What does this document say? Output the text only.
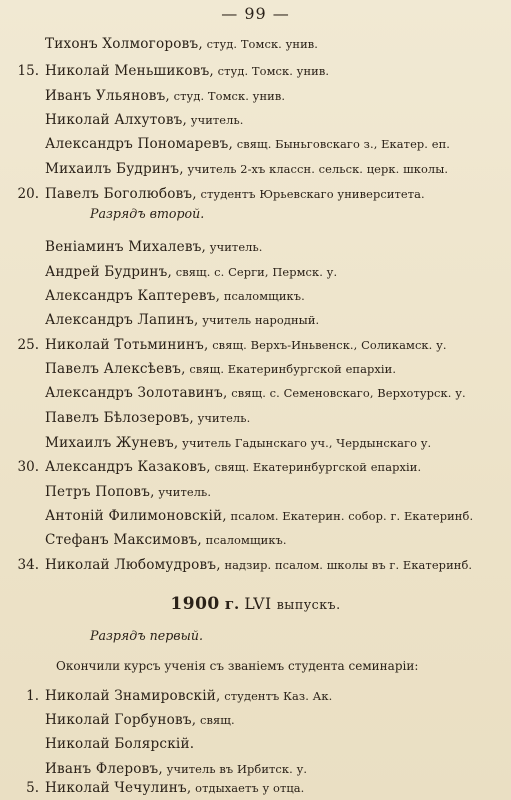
— 99 —
Тихонъ Холмогоровъ, студ. Томск. унив.
15. Николай Меньшиковъ, студ. Томск. унив.
Иванъ Ульяновъ, студ. Томск. унив.
Николай Алхутовъ, учитель.
Александръ Пономаревъ, свящ. Быньговскаго з., Екатер. еп.
Михаилъ Будринъ, учитель 2-хъ классн. сельск. церк. школы.
20. Павелъ Боголюбовъ, студентъ Юрьевскаго университета.
Разрядъ второй.
Веніаминъ Михалевъ, учитель.
Андрей Будринъ, свящ. с. Серги, Пермск. у.
Александръ Каптеревъ, псаломщикъ.
Александръ Лапинъ, учитель народный.
25. Николай Тотьмининъ, свящ. Верхъ-Иньвенск., Соликамск. у.
Павелъ Алексѣевъ, свящ. Екатеринбургской епархіи.
Александръ Золотавинъ, свящ. с. Семеновскаго, Верхотурск. у.
Павелъ Бѣлозеровъ, учитель.
Михаилъ Жуневъ, учитель Гадынскаго уч., Чердынскаго у.
30. Александръ Казаковъ, свящ. Екатеринбургской епархіи.
Петръ Поповъ, учитель.
Антоній Филимоновскій, псалом. Екатерин. собор. г. Екатеринб.
Стефанъ Максимовъ, псаломщикъ.
34. Николай Любомудровъ, надзир. псалом. школы въ г. Екатеринб.
1900 г. LVI выпускъ.
Разрядъ первый.
Окончили курсъ ученія съ званіемъ студента семинаріи:
1. Николай Знамировскій, студентъ Каз. Ак.
Николай Горбуновъ, свящ.
Николай Болярскій.
Иванъ Флеровъ, учитель въ Ирбитск. у.
5. Николай Чечулинъ, отдыхаетъ у отца.
